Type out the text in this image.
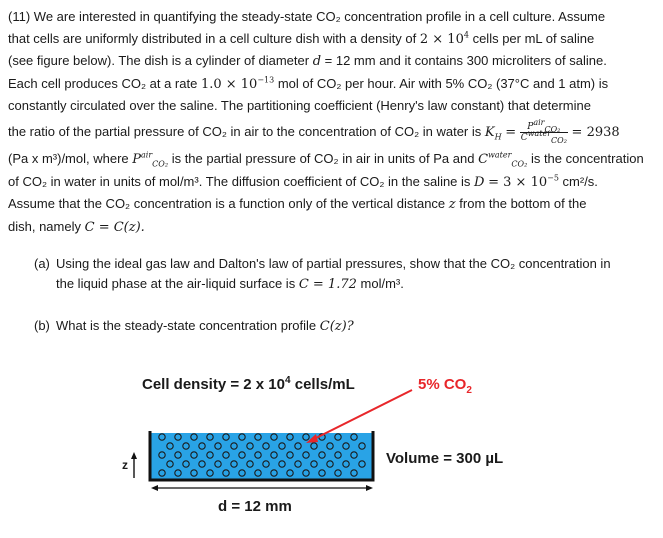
(11) We are interested in quantifying the steady-state CO₂ concentration profile in a cell culture. Assume

that cells are uniformly distributed in a cell culture dish with a density of $2 \times 10^4$ cells per mL of saline

(see figure below). The dish is a cylinder of diameter d = 12 mm and it contains 300 microliters of saline.

Each cell produces CO₂ at a rate $1.0 \times 10^{-13}$ mol of CO₂ per hour. Air with 5% CO₂ (37°C and 1 atm) is

constantly circulated over the saline. The partitioning coefficient (Henry's law constant) that determine

the ratio of the partial pressure of CO₂ in air to the concentration of CO₂ in water is $K_H = \frac{P^{air}_{CO_2}}{C^{water}_{CO_2}} = 2938$

(Pa x m³)/mol, where $P^{air}_{CO_2}$ is the partial pressure of CO₂ in air in units of Pa and $C^{water}_{CO_2}$ is the concentration

of CO₂ in water in units of mol/m³. The diffusion coefficient of CO₂ in the saline is $D = 3 \times 10^{-5}$ cm²/s.

Assume that the CO₂ concentration is a function only of the vertical distance z from the bottom of the

dish, namely C = C(z).

(a) Using the ideal gas law and Dalton's law of partial pressures, show that the CO₂ concentration in
the liquid phase at the air-liquid surface is C = 1.72 mol/m³.
(b) What is the steady-state concentration profile C(z)?
Cell density = 2 x $10^4$ cells/mL	5% $CO_2$
Volume = 300 µL
d = 12 mm
z
